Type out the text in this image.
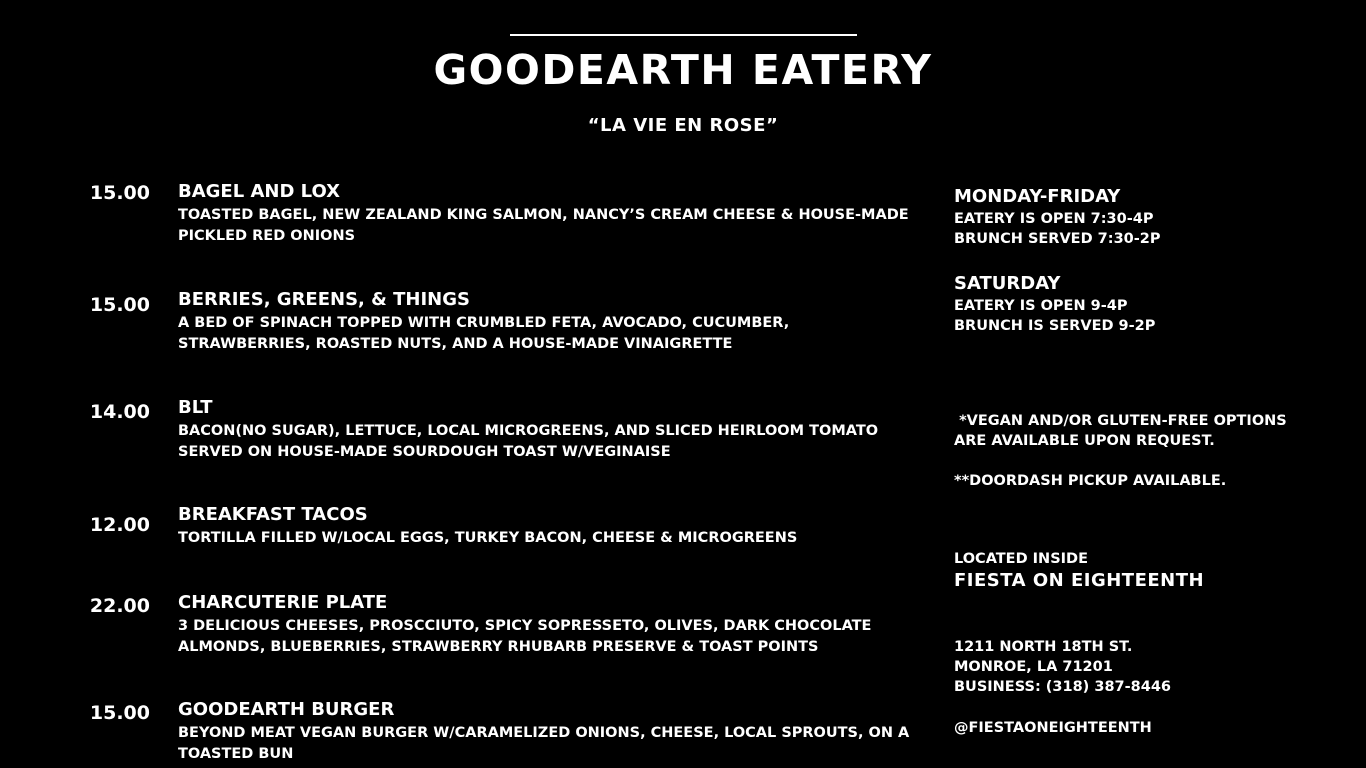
GOODEARTH EATERY
“LA VIE EN ROSE”
15.00 BAGEL AND LOX
TOASTED BAGEL, NEW ZEALAND KING SALMON, NANCY’S CREAM CHEESE & HOUSE-MADE PICKLED RED ONIONS
15.00 BERRIES, GREENS, & THINGS
A BED OF SPINACH TOPPED WITH CRUMBLED FETA, AVOCADO, CUCUMBER, STRAWBERRIES, ROASTED NUTS, AND A HOUSE-MADE VINAIGRETTE
14.00 BLT
BACON(NO SUGAR), LETTUCE, LOCAL MICROGREENS, AND SLICED HEIRLOOM TOMATO SERVED ON HOUSE-MADE SOURDOUGH TOAST W/VEGINAISE
12.00 BREAKFAST TACOS
TORTILLA FILLED W/LOCAL EGGS, TURKEY BACON, CHEESE & MICROGREENS
22.00 CHARCUTERIE PLATE
3 DELICIOUS CHEESES, PROSCCIUTO, SPICY SOPRESSETO, OLIVES, DARK CHOCOLATE ALMONDS, BLUEBERRIES, STRAWBERRY RHUBARB PRESERVE & TOAST POINTS
15.00 GOODEARTH BURGER
BEYOND MEAT VEGAN BURGER W/CARAMELIZED ONIONS, CHEESE, LOCAL SPROUTS, ON A TOASTED BUN
MONDAY-FRIDAY
EATERY IS OPEN 7:30-4P
BRUNCH SERVED 7:30-2P
SATURDAY
EATERY IS OPEN 9-4P
BRUNCH IS SERVED 9-2P
*VEGAN AND/OR GLUTEN-FREE OPTIONS ARE AVAILABLE UPON REQUEST.
**DOORDASH PICKUP AVAILABLE.
LOCATED INSIDE
FIESTA ON EIGHTEENTH
1211 NORTH 18TH ST.
MONROE, LA 71201
BUSINESS: (318) 387-8446
@FIESTAONEIGHTEENTH
